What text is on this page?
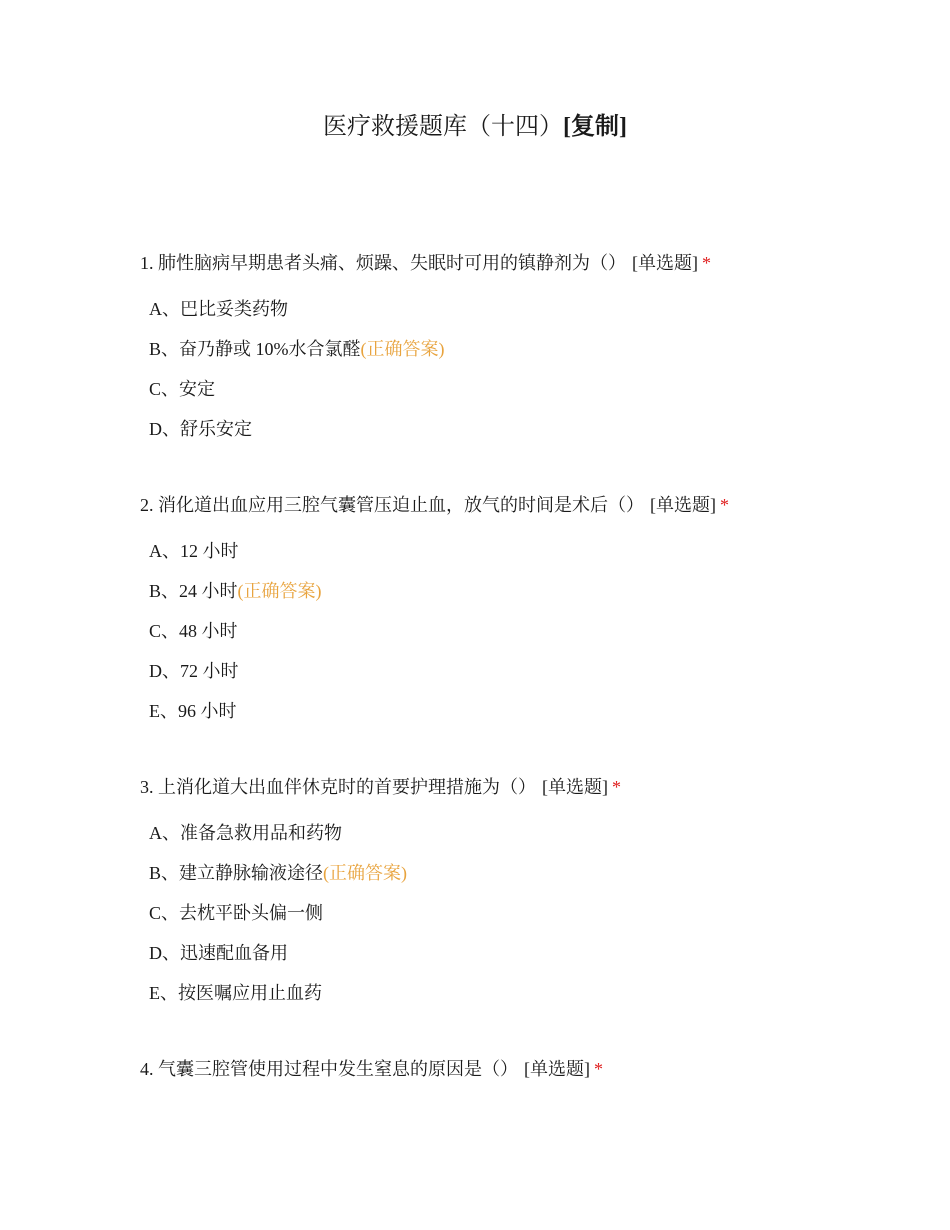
医疗救援题库（十四）[复制]
1. 肺性脑病早期患者头痛、烦躁、失眠时可用的镇静剂为（） [单选题] *
A、巴比妥类药物
B、奋乃静或 10%水合氯醛(正确答案)
C、安定
D、舒乐安定
2. 消化道出血应用三腔气囊管压迫止血，放气的时间是术后（） [单选题] *
A、12 小时
B、24 小时(正确答案)
C、48 小时
D、72 小时
E、96 小时
3. 上消化道大出血伴休克时的首要护理措施为（） [单选题] *
A、准备急救用品和药物
B、建立静脉输液途径(正确答案)
C、去枕平卧头偏一侧
D、迅速配血备用
E、按医嘱应用止血药
4. 气囊三腔管使用过程中发生窒息的原因是（） [单选题] *
